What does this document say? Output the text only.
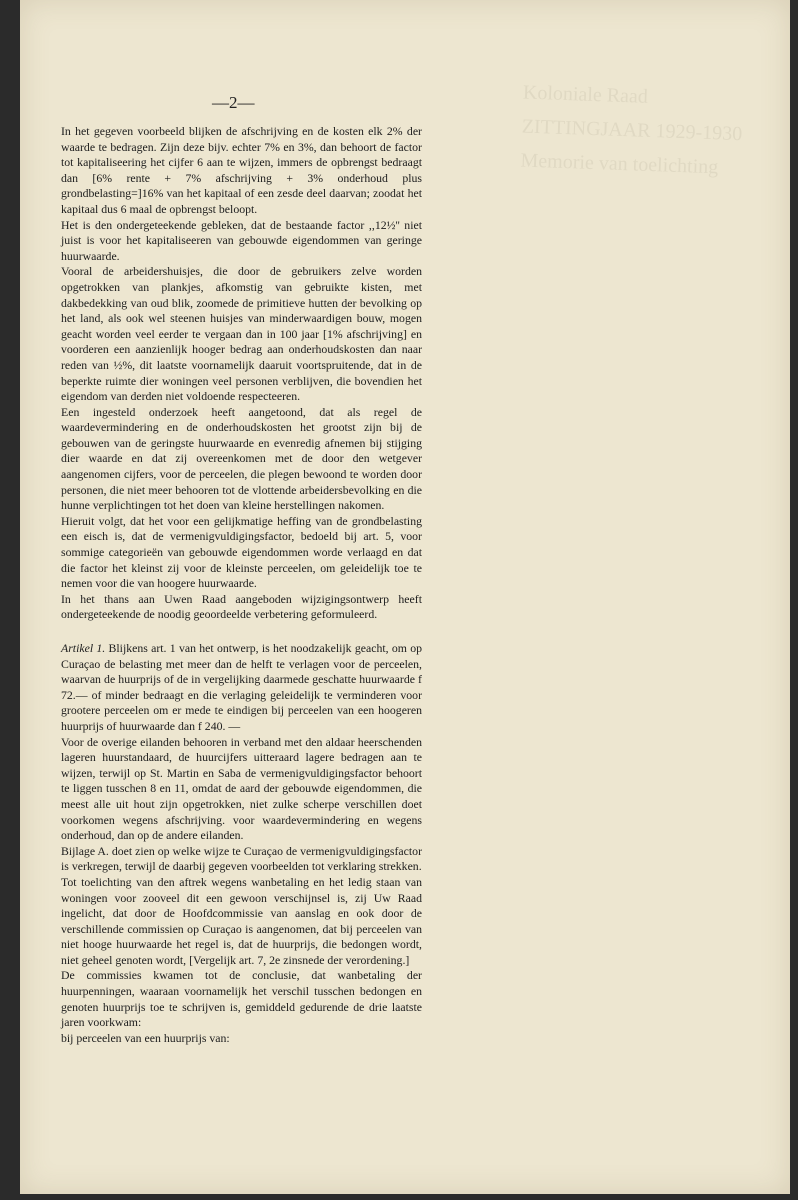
Koloniale Raad
ZITTINGJAAR 1929-1930
Memorie van toelichting
—2—

In het gegeven voorbeeld blijken de afschrijving en de kosten elk 2% der waarde te bedragen. Zijn deze bijv. echter 7% en 3%, dan behoort de factor tot kapitaliseering het cijfer 6 aan te wijzen, immers de opbrengst bedraagt dan [6% rente + 7% afschrijving + 3% onderhoud plus grondbelasting=]16% van het kapitaal of een zesde deel daarvan; zoodat het kapitaal dus 6 maal de opbrengst beloopt.

Het is den ondergeteekende gebleken, dat de bestaande factor ,,12½'' niet juist is voor het kapitaliseeren van gebouwde eigendommen van geringe huurwaarde.

Vooral de arbeidershuisjes, die door de gebruikers zelve worden opgetrokken van plankjes, afkomstig van gebruikte kisten, met dakbedekking van oud blik, zoomede de primitieve hutten der bevolking op het land, als ook wel steenen huisjes van minderwaardigen bouw, mogen geacht worden veel eerder te vergaan dan in 100 jaar [1% afschrijving] en voorderen een aanzienlijk hooger bedrag aan onderhoudskosten dan naar reden van ½%, dit laatste voornamelijk daaruit voortspruitende, dat in de beperkte ruimte dier woningen veel personen verblijven, die bovendien het eigendom van derden niet voldoende respecteeren.

Een ingesteld onderzoek heeft aangetoond, dat als regel de waardevermindering en de onderhoudskosten het grootst zijn bij de gebouwen van de geringste huurwaarde en evenredig afnemen bij stijging dier waarde en dat zij overeenkomen met de door den wetgever aangenomen cijfers, voor de perceelen, die plegen bewoond te worden door personen, die niet meer behooren tot de vlottende arbeidersbevolking en die hunne verplichtingen tot het doen van kleine herstellingen nakomen.

Hieruit volgt, dat het voor een gelijkmatige heffing van de grondbelasting een eisch is, dat de vermenigvuldigingsfactor, bedoeld bij art. 5, voor sommige categorieën van gebouwde eigendommen worde verlaagd en dat die factor het kleinst zij voor de kleinste perceelen, om geleidelijk toe te nemen voor die van hoogere huurwaarde.

In het thans aan Uwen Raad aangeboden wijzigingsontwerp heeft ondergeteekende de noodig geoordeelde verbetering geformuleerd.

Artikel 1. Blijkens art. 1 van het ontwerp, is het noodzakelijk geacht, om op Curaçao de belasting met meer dan de helft te verlagen voor de perceelen, waarvan de huurprijs of de in vergelijking daarmede geschatte huurwaarde f 72.— of minder bedraagt en die verlaging geleidelijk te verminderen voor grootere perceelen om er mede te eindigen bij perceelen van een hoogeren huurprijs of huurwaarde dan f 240. —

Voor de overige eilanden behooren in verband met den aldaar heerschenden lageren huurstandaard, de huurcijfers uitteraard lagere bedragen aan te wijzen, terwijl op St. Martin en Saba de vermenigvuldigingsfactor behoort te liggen tusschen 8 en 11, omdat de aard der gebouwde eigendommen, die meest alle uit hout zijn opgetrokken, niet zulke scherpe verschillen doet voorkomen wegens afschrijving. voor waardevermindering en wegens onderhoud, dan op de andere eilanden.

Bijlage A. doet zien op welke wijze te Curaçao de vermenigvuldigingsfactor is verkregen, terwijl de daarbij gegeven voorbeelden tot verklaring strekken.

Tot toelichting van den aftrek wegens wanbetaling en het ledig staan van woningen voor zooveel dit een gewoon verschijnsel is, zij Uw Raad ingelicht, dat door de Hoofdcommissie van aanslag en ook door de verschillende commissien op Curaçao is aangenomen, dat bij perceelen van niet hooge huurwaarde het regel is, dat de huurprijs, die bedongen wordt, niet geheel genoten wordt, [Vergelijk art. 7, 2e zinsnede der verordening.]

De commissies kwamen tot de conclusie, dat wanbetaling der huurpenningen, waaraan voornamelijk het verschil tusschen bedongen en genoten huurprijs toe te schrijven is, gemiddeld gedurende de drie laatste jaren voorkwam:

bij perceelen van een huurprijs van:
